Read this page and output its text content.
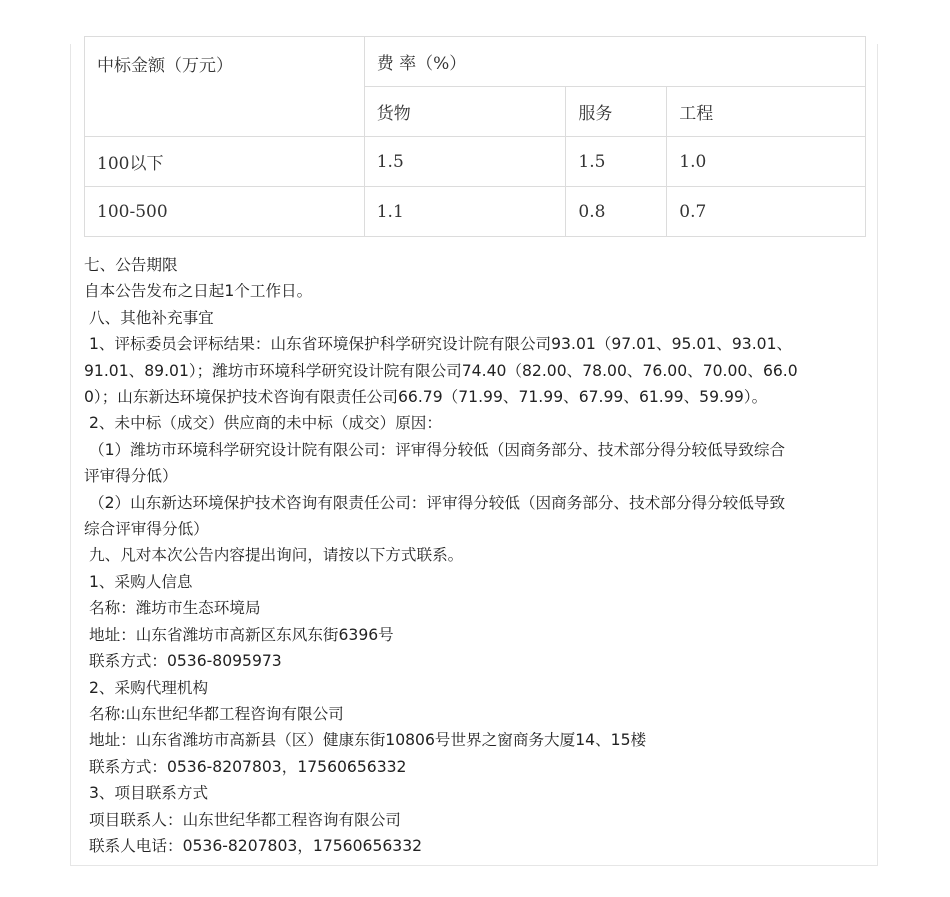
中标金额（万元）	费 率（%）		
	货物	服务	工程
100以下	1.5	1.5	1.0
100-500	1.1	0.8	0.7

七、公告期限

自本公告发布之日起1个工作日。

八、其他补充事宜

1、评标委员会评标结果：山东省环境保护科学研究设计院有限公司93.01（97.01、95.01、93.01、

91.01、89.01）；潍坊市环境科学研究设计院有限公司74.40（82.00、78.00、76.00、70.00、66.0

0）；山东新达环境保护技术咨询有限责任公司66.79（71.99、71.99、67.99、61.99、59.99）。

2、未中标（成交）供应商的未中标（成交）原因：

（1）潍坊市环境科学研究设计院有限公司：评审得分较低（因商务部分、技术部分得分较低导致综合

评审得分低）

（2）山东新达环境保护技术咨询有限责任公司：评审得分较低（因商务部分、技术部分得分较低导致

综合评审得分低）

九、凡对本次公告内容提出询问，请按以下方式联系。

1、采购人信息

名称：潍坊市生态环境局

地址：山东省潍坊市高新区东风东街6396号

联系方式：0536-8095973

2、采购代理机构

名称:山东世纪华都工程咨询有限公司

地址：山东省潍坊市高新县（区）健康东街10806号世界之窗商务大厦14、15楼

联系方式：0536-8207803，17560656332

3、项目联系方式

项目联系人：山东世纪华都工程咨询有限公司

联系人电话：0536-8207803，17560656332
